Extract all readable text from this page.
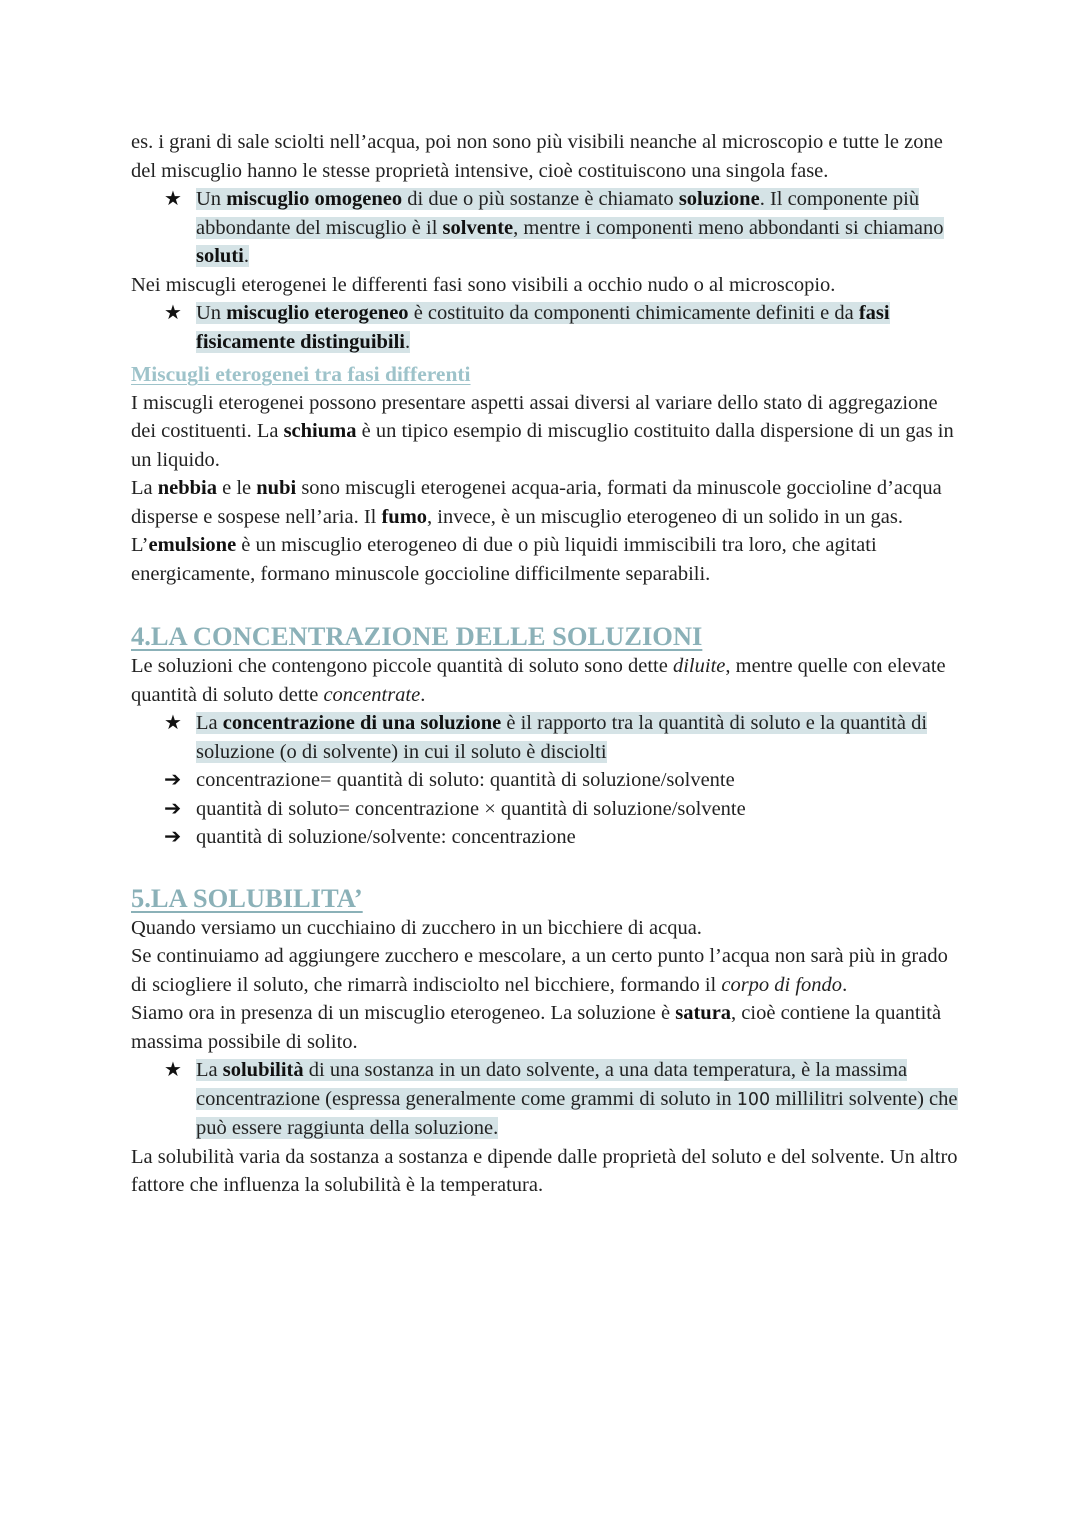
es. i grani di sale sciolti nell’acqua, poi non sono più visibili neanche al microscopio e tutte le zone del miscuglio hanno le stesse proprietà intensive, cioè costituiscono una singola fase.

★ Un miscuglio omogeneo di due o più sostanze è chiamato soluzione. Il componente più abbondante del miscuglio è il solvente, mentre i componenti meno abbondanti si chiamano soluti.

Nei miscugli eterogenei le differenti fasi sono visibili a occhio nudo o al microscopio.

★ Un miscuglio eterogeneo è costituito da componenti chimicamente definiti e da fasi fisicamente distinguibili.

Miscugli eterogenei tra fasi differenti

I miscugli eterogenei possono presentare aspetti assai diversi al variare dello stato di aggregazione dei costituenti. La schiuma è un tipico esempio di miscuglio costituito dalla dispersione di un gas in un liquido.

La nebbia e le nubi sono miscugli eterogenei acqua-aria, formati da minuscole goccioline d’acqua disperse e sospese nell’aria. Il fumo, invece, è un miscuglio eterogeneo di un solido in un gas.

L’emulsione è un miscuglio eterogeneo di due o più liquidi immiscibili tra loro, che agitati energicamente, formano minuscole goccioline difficilmente separabili.

4.LA CONCENTRAZIONE DELLE SOLUZIONI

Le soluzioni che contengono piccole quantità di soluto sono dette diluite, mentre quelle con elevate quantità di soluto dette concentrate.

★ La concentrazione di una soluzione è il rapporto tra la quantità di soluto e la quantità di soluzione (o di solvente) in cui il soluto è disciolti
➔ concentrazione= quantità di soluto: quantità di soluzione/solvente
➔ quantità di soluto= concentrazione × quantità di soluzione/solvente
➔ quantità di soluzione/solvente: concentrazione

5.LA SOLUBILITA’

Quando versiamo un cucchiaino di zucchero in un bicchiere di acqua.

Se continuiamo ad aggiungere zucchero e mescolare, a un certo punto l’acqua non sarà più in grado di sciogliere il soluto, che rimarrà indisciolto nel bicchiere, formando il corpo di fondo.

Siamo ora in presenza di un miscuglio eterogeneo. La soluzione è satura, cioè contiene la quantità massima possibile di solito.

★ La solubilità di una sostanza in un dato solvente, a una data temperatura, è la massima concentrazione (espressa generalmente come grammi di soluto in 100 millilitri solvente) che può essere raggiunta della soluzione.

La solubilità varia da sostanza a sostanza e dipende dalle proprietà del soluto e del solvente. Un altro fattore che influenza la solubilità è la temperatura.
